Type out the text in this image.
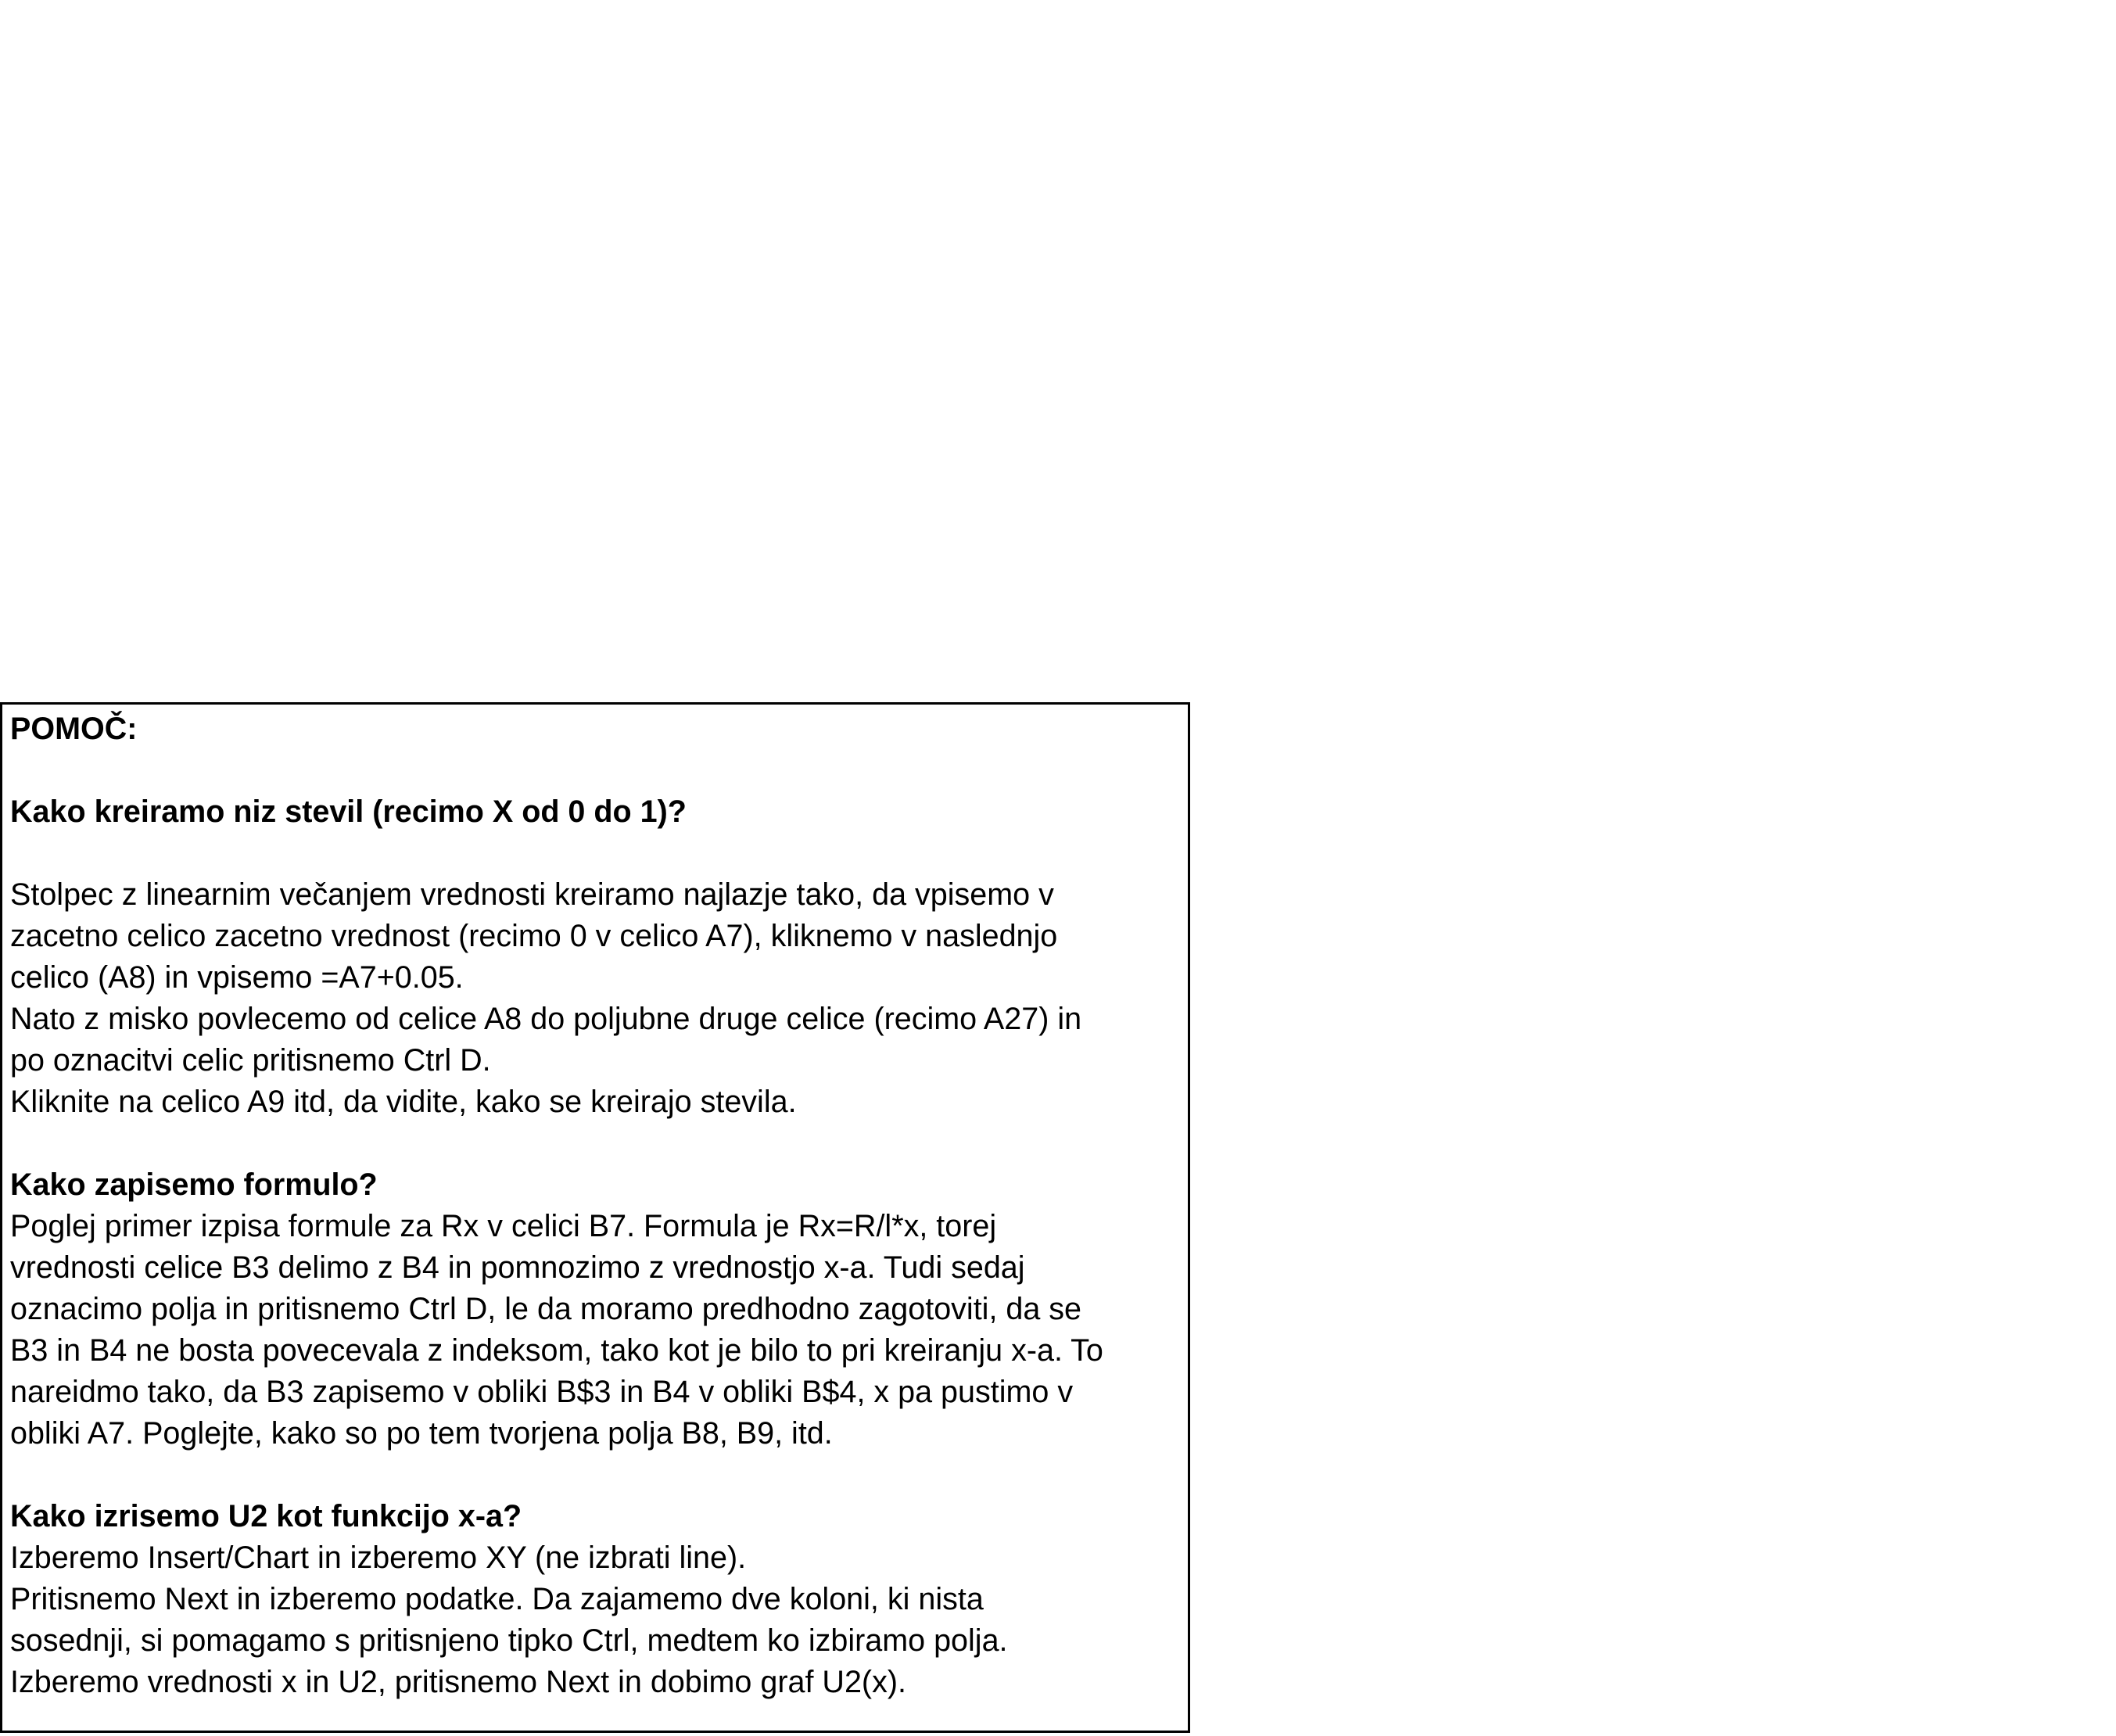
POMOČ:
Kako kreiramo niz stevil (recimo X od 0 do 1)?
Stolpec z linearnim večanjem vrednosti kreiramo najlazje tako, da vpisemo v
zacetno celico zacetno vrednost (recimo 0 v celico A7), kliknemo v naslednjo
celico (A8) in vpisemo =A7+0.05.
Nato z misko povlecemo od celice A8 do poljubne druge celice (recimo A27) in
po oznacitvi celic pritisnemo Ctrl D.
Kliknite na celico A9 itd, da vidite, kako se kreirajo stevila.
Kako zapisemo formulo?
Poglej primer izpisa formule za Rx v celici B7. Formula je Rx=R/l*x, torej
vrednosti celice B3 delimo z B4 in pomnozimo z vrednostjo x-a. Tudi sedaj
oznacimo polja in pritisnemo Ctrl D, le da moramo predhodno zagotoviti, da se
B3 in B4 ne bosta povecevala z indeksom, tako kot je bilo to pri kreiranju x-a. To
nareidmo tako, da B3 zapisemo v obliki B$3 in B4 v obliki B$4, x pa pustimo v
obliki A7. Poglejte, kako so po tem tvorjena polja B8, B9, itd.
Kako izrisemo U2 kot funkcijo x-a?
Izberemo Insert/Chart in izberemo XY (ne izbrati line).
Pritisnemo Next in izberemo podatke. Da zajamemo dve koloni, ki nista
sosednji, si pomagamo s pritisnjeno tipko Ctrl, medtem ko izbiramo polja.
Izberemo vrednosti x in U2, pritisnemo Next in dobimo graf U2(x).
